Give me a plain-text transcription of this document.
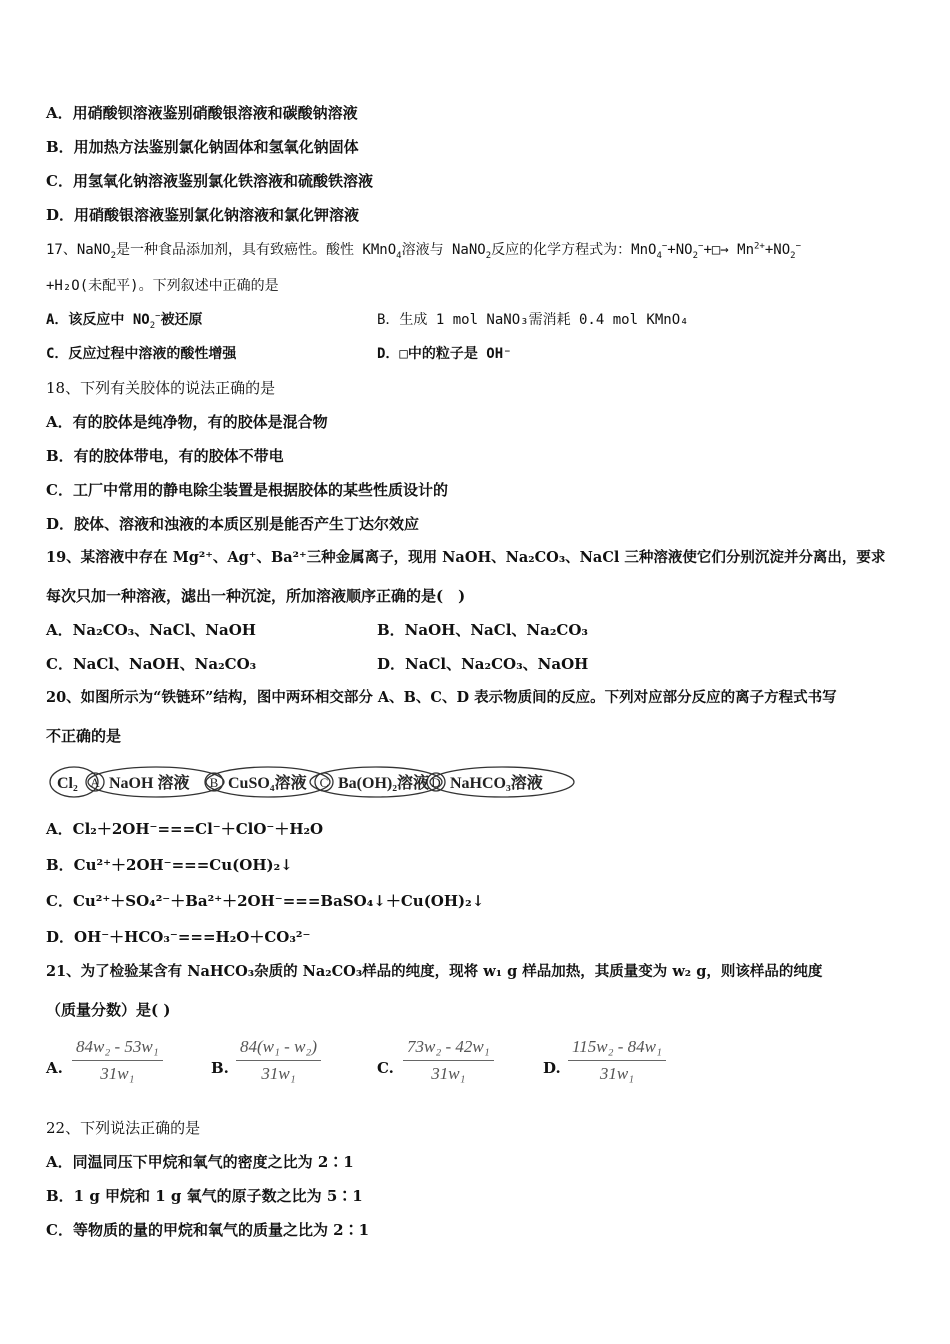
A．用硝酸钡溶液鉴别硝酸银溶液和碳酸钠溶液
B．用加热方法鉴别氯化钠固体和氢氧化钠固体
C．用氢氧化钠溶液鉴别氯化铁溶液和硫酸铁溶液
D．用硝酸银溶液鉴别氯化钠溶液和氯化钾溶液
17、NaNO$_2$是一种食品添加剂，具有致癌性。酸性 KMnO$_4$溶液与 NaNO$_2$反应的化学方程式为：$MnO_4^-+NO_2^-+□\to Mn^{2+}+NO_2^-$
+H₂O(未配平)。下列叙述中正确的是
A．该反应中 $NO_2^-$被还原	B．生成 1 mol NaNO₃需消耗 0.4 mol KMnO₄
C．反应过程中溶液的酸性增强	D．□中的粒子是 OH⁻
18、下列有关胶体的说法正确的是
A．有的胶体是纯净物，有的胶体是混合物
B．有的胶体带电，有的胶体不带电
C．工厂中常用的静电除尘装置是根据胶体的某些性质设计的
D．胶体、溶液和浊液的本质区别是能否产生丁达尔效应
19、某溶液中存在 Mg²⁺、Ag⁺、Ba²⁺三种金属离子，现用 NaOH、Na₂CO₃、NaCl 三种溶液使它们分别沉淀并分离出，要求
每次只加一种溶液，滤出一种沉淀，所加溶液顺序正确的是(　)
A．Na₂CO₃、NaCl、NaOH	B．NaOH、NaCl、Na₂CO₃
C．NaCl、NaOH、Na₂CO₃	D．NaCl、Na₂CO₃、NaOH
20、如图所示为“铁链环”结构，图中两环相交部分 A、B、C、D 表示物质间的反应。下列对应部分反应的离子方程式书写
不正确的是
Cl₂ NaOH 溶液 CuSO₄溶液 Ba(OH)₂溶液 NaHCO₃溶液
A	B	C	D
A．Cl₂＋2OH⁻===Cl⁻＋ClO⁻＋H₂O
B．Cu²⁺＋2OH⁻===Cu(OH)₂↓
C．Cu²⁺＋SO₄²⁻＋Ba²⁺＋2OH⁻===BaSO₄↓＋Cu(OH)₂↓
D．OH⁻＋HCO₃⁻===H₂O＋CO₃²⁻
21、为了检验某含有 NaHCO₃杂质的 Na₂CO₃样品的纯度，现将 w₁ g 样品加热，其质量变为 w₂ g，则该样品的纯度
（质量分数）是( )
A. $\frac{\text{84w₂ - 53w₁}}{\text{31w₁}}$	B. $\frac{\text{84(w₁ - w₂)}}{\text{31w₁}}$	C. $\frac{\text{73w₂ - 42w₁}}{\text{31w₁}}$	D. $\frac{\text{115w₂ - 84w₁}}{\text{31w₁}}$
22、下列说法正确的是
A．同温同压下甲烷和氧气的密度之比为 2∶1
B．1 g 甲烷和 1 g 氧气的原子数之比为 5∶1
C．等物质的量的甲烷和氧气的质量之比为 2∶1
